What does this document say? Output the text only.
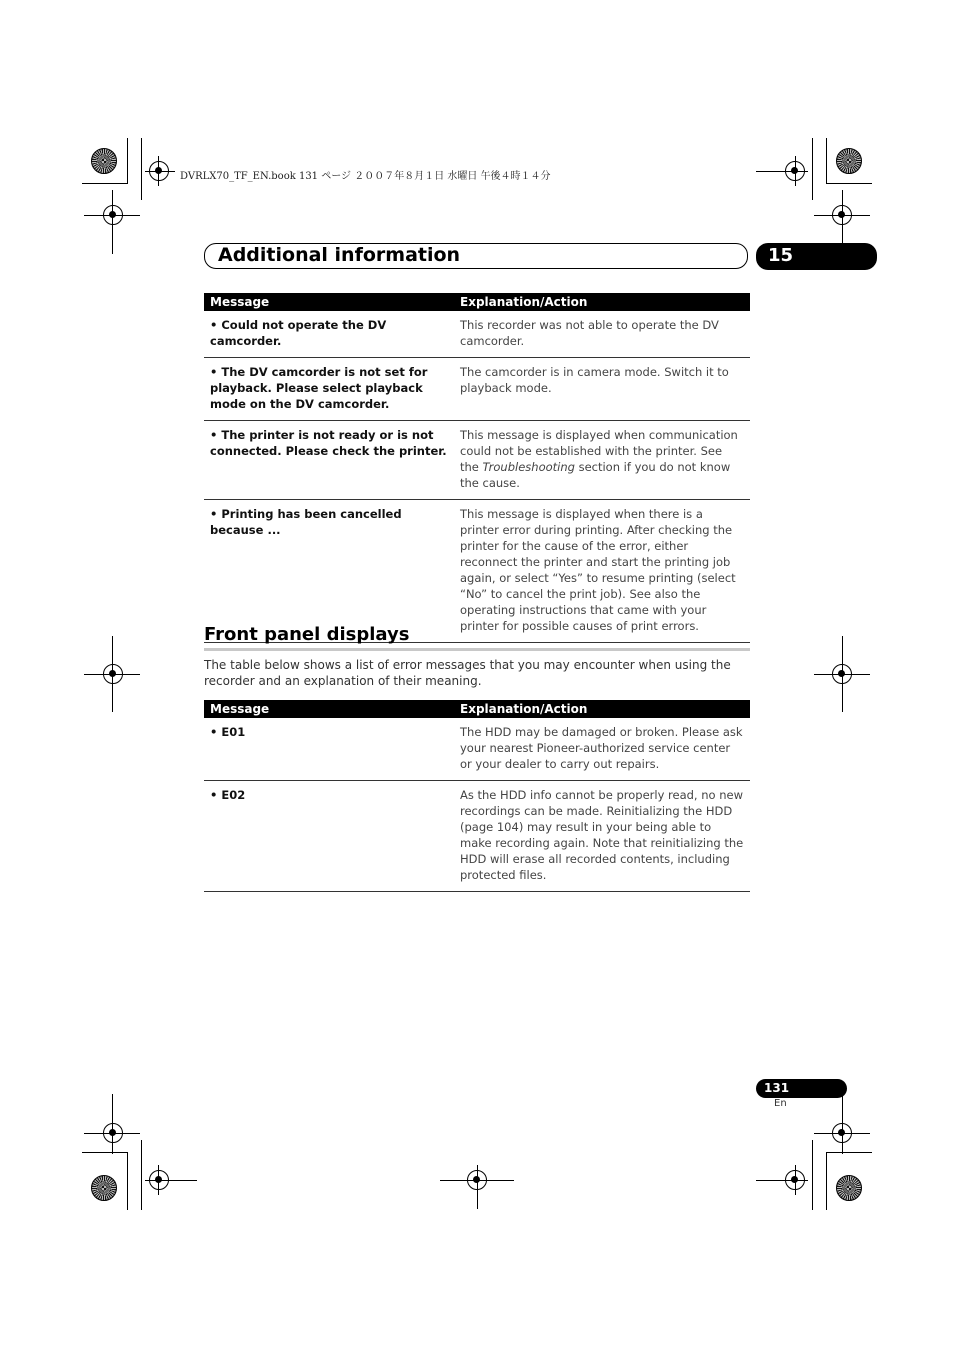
DVRLX70_TF_EN.book 131 ページ ２００７年８月１日 水曜日 午後４時１４分
Additional information	15
Message	Explanation/Action
• Could not operate the DV camcorder.	This recorder was not able to operate the DV camcorder.
• The DV camcorder is not set for playback. Please select playback mode on the DV camcorder.	The camcorder is in camera mode. Switch it to playback mode.
• The printer is not ready or is not connected. Please check the printer.	This message is displayed when communication could not be established with the printer. See the Troubleshooting section if you do not know the cause.
• Printing has been cancelled because ...	This message is displayed when there is a printer error during printing. After checking the printer for the cause of the error, either reconnect the printer and start the printing job again, or select “Yes” to resume printing (select “No” to cancel the print job). See also the operating instructions that came with your printer for possible causes of print errors.
Front panel displays
The table below shows a list of error messages that you may encounter when using the recorder and an explanation of their meaning.
Message	Explanation/Action
• E01	The HDD may be damaged or broken. Please ask your nearest Pioneer-authorized service center or your dealer to carry out repairs.
• E02	As the HDD info cannot be properly read, no new recordings can be made. Reinitializing the HDD (page 104) may result in your being able to make recording again. Note that reinitializing the HDD will erase all recorded contents, including protected files.
131
En
